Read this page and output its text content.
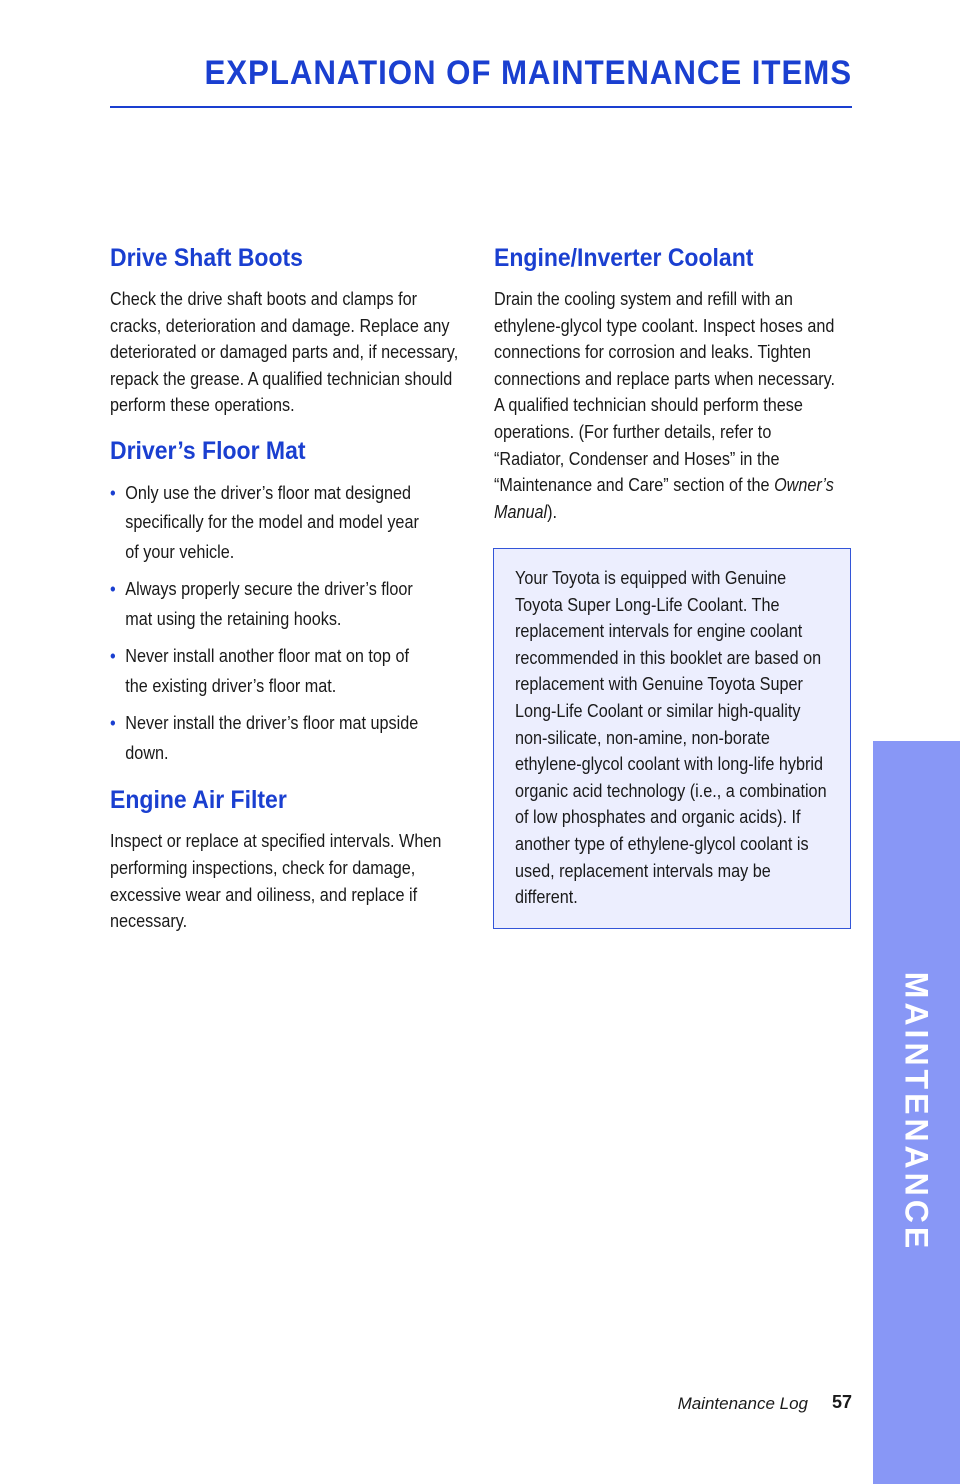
EXPLANATION OF MAINTENANCE ITEMS
Drive Shaft Boots

Check the drive shaft boots and clamps for cracks, deterioration and damage. Replace any deteriorated or damaged parts and, if necessary, repack the grease. A qualified technician should perform these operations.

Driver’s Floor Mat
• Only use the driver’s floor mat designed specifically for the model and model year of your vehicle.
• Always properly secure the driver’s floor mat using the retaining hooks.
• Never install another floor mat on top of the existing driver’s floor mat.
• Never install the driver’s floor mat upside down.
Engine Air Filter

Inspect or replace at specified intervals. When performing inspections, check for damage, excessive wear and oiliness, and replace if necessary.

Engine/Inverter Coolant

Drain the cooling system and refill with an ethylene-glycol type coolant. Inspect hoses and connections for corrosion and leaks. Tighten connections and replace parts when necessary. A qualified technician should perform these operations. (For further details, refer to “Radiator, Condenser and Hoses” in the “Maintenance and Care” section of the Owner’s Manual).

Your Toyota is equipped with Genuine Toyota Super Long-Life Coolant. The replacement intervals for engine coolant recommended in this booklet are based on replacement with Genuine Toyota Super Long-Life Coolant or similar high-quality non-silicate, non-amine, non-borate ethylene-glycol coolant with long-life hybrid organic acid technology (i.e., a combination of low phosphates and organic acids). If another type of ethylene-glycol coolant is used, replacement intervals may be different.

MAINTENANCE
Maintenance Log	57
